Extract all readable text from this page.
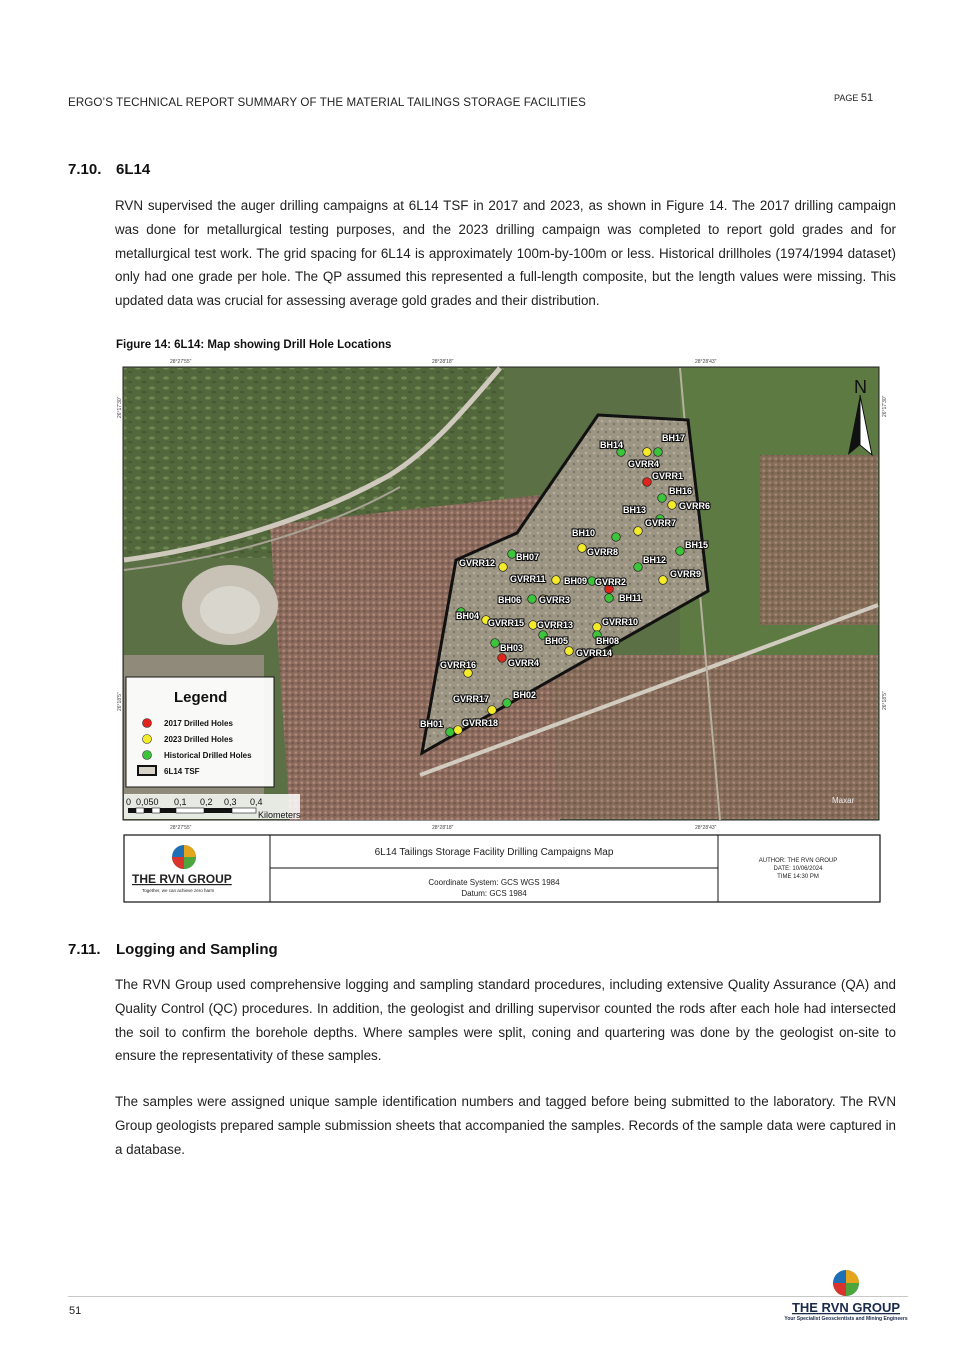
ERGO’S TECHNICAL REPORT SUMMARY OF THE MATERIAL TAILINGS STORAGE FACILITIES	PAGE 51
7.10. 6L14
RVN supervised the auger drilling campaigns at 6L14 TSF in 2017 and 2023, as shown in Figure 14. The 2017 drilling campaign was done for metallurgical testing purposes, and the 2023 drilling campaign was completed to report gold grades and for metallurgical test work. The grid spacing for 6L14 is approximately 100m-by-100m or less. Historical drillholes (1974/1994 dataset) only had one grade per hole. The QP assumed this represented a full-length composite, but the length values were missing. This updated data was crucial for assessing average gold grades and their distribution.
Figure 14: 6L14: Map showing Drill Hole Locations
BH14
BH17
GVRR4
GVRR1
BH16
GVRR6
BH13
GVRR7
BH10
GVRR8
BH15
BH07
GVRR12	BH12
GVRR11 BH09 GVRR2
GVRR9
BH06 GVRR3	BH11
BH04
GVRR15 GVRR13	GVRR10
BH05	BH08
BH03	GVRR14
GVRR4
GVRR16
BH02
GVRR17
BH01 GVRR18
N
Legend
2017 Drilled Holes
2023 Drilled Holes
Historical Drilled Holes
6L14 TSF
0 0,050 0,1 0,2 0,3 0,4
Kilometers
Maxar
28°27'55"	28°28'18"	28°28'43"
28°27'55"	28°28'18"	28°28'43"
26°17'30"
26°18'5"
26°17'30"
26°18'5"
THE RVN GROUP
Together, we can achieve zero harm
6L14 Tailings Storage Facility Drilling Campaigns Map
Coordinate System: GCS WGS 1984
Datum: GCS 1984
AUTHOR: THE RVN GROUP
DATE: 10/06/2024
TIME 14:30 PM
7.11. Logging and Sampling
The RVN Group used comprehensive logging and sampling standard procedures, including extensive Quality Assurance (QA) and Quality Control (QC) procedures. In addition, the geologist and drilling supervisor counted the rods after each hole had intersected the soil to confirm the borehole depths. Where samples were split, coning and quartering was done by the geologist on-site to ensure the representativity of these samples.
The samples were assigned unique sample identification numbers and tagged before being submitted to the laboratory. The RVN Group geologists prepared sample submission sheets that accompanied the samples. Records of the sample data were captured in a database.
51	THE RVN GROUP
Your Specialist Geoscientists and Mining Engineers
